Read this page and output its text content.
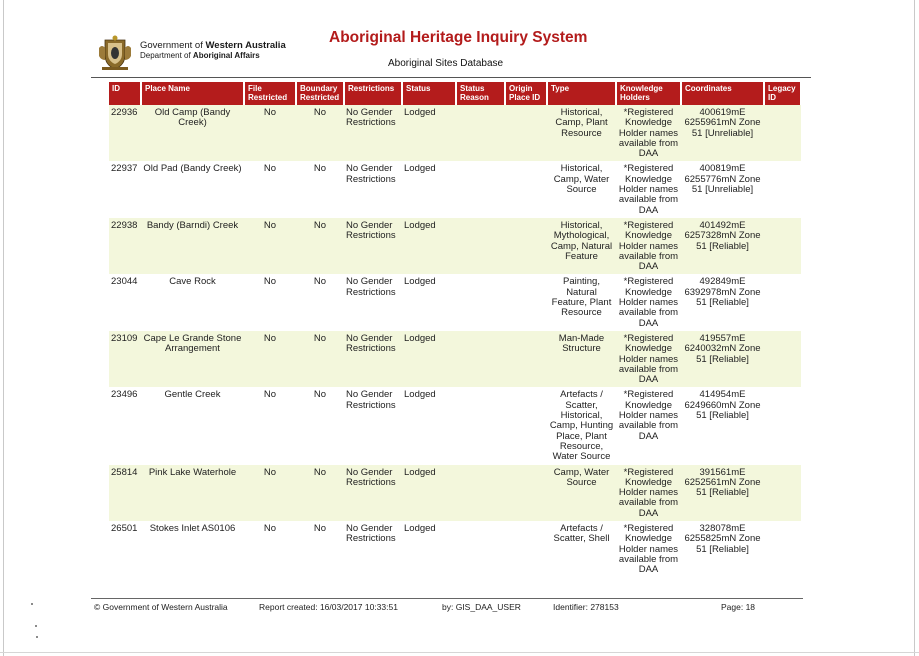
Government of Western Australia
Department of Aboriginal Affairs
Aboriginal Heritage Inquiry System
Aboriginal Sites Database
ID	Place Name	File Restricted	Boundary Restricted	Restrictions	Status	Status Reason	Origin Place ID	Type	Knowledge Holders	Coordinates	Legacy ID
22936	Old Camp (Bandy Creek)	No	No	No Gender Restrictions	Lodged			Historical, Camp, Plant Resource	*Registered Knowledge Holder names available from DAA	400619mE 6255961mN Zone 51 [Unreliable]	
22937	Old Pad (Bandy Creek)	No	No	No Gender Restrictions	Lodged			Historical, Camp, Water Source	*Registered Knowledge Holder names available from DAA	400819mE 6255776mN Zone 51 [Unreliable]	
22938	Bandy (Barndi) Creek	No	No	No Gender Restrictions	Lodged			Historical, Mythological, Camp, Natural Feature	*Registered Knowledge Holder names available from DAA	401492mE 6257328mN Zone 51 [Reliable]	
23044	Cave Rock	No	No	No Gender Restrictions	Lodged			Painting, Natural Feature, Plant Resource	*Registered Knowledge Holder names available from DAA	492849mE 6392978mN Zone 51 [Reliable]	
23109	Cape Le Grande Stone Arrangement	No	No	No Gender Restrictions	Lodged			Man-Made Structure	*Registered Knowledge Holder names available from DAA	419557mE 6240032mN Zone 51 [Reliable]	
23496	Gentle Creek	No	No	No Gender Restrictions	Lodged			Artefacts / Scatter, Historical, Camp, Hunting Place, Plant Resource, Water Source	*Registered Knowledge Holder names available from DAA	414954mE 6249660mN Zone 51 [Reliable]	
25814	Pink Lake Waterhole	No	No	No Gender Restrictions	Lodged			Camp, Water Source	*Registered Knowledge Holder names available from DAA	391561mE 6252561mN Zone 51 [Reliable]	
26501	Stokes Inlet AS0106	No	No	No Gender Restrictions	Lodged			Artefacts / Scatter, Shell	*Registered Knowledge Holder names available from DAA	328078mE 6255825mN Zone 51 [Reliable]	
© Government of Western Australia	Report created: 16/03/2017 10:33:51	by: GIS_DAA_USER	Identifier: 278153	Page: 18
